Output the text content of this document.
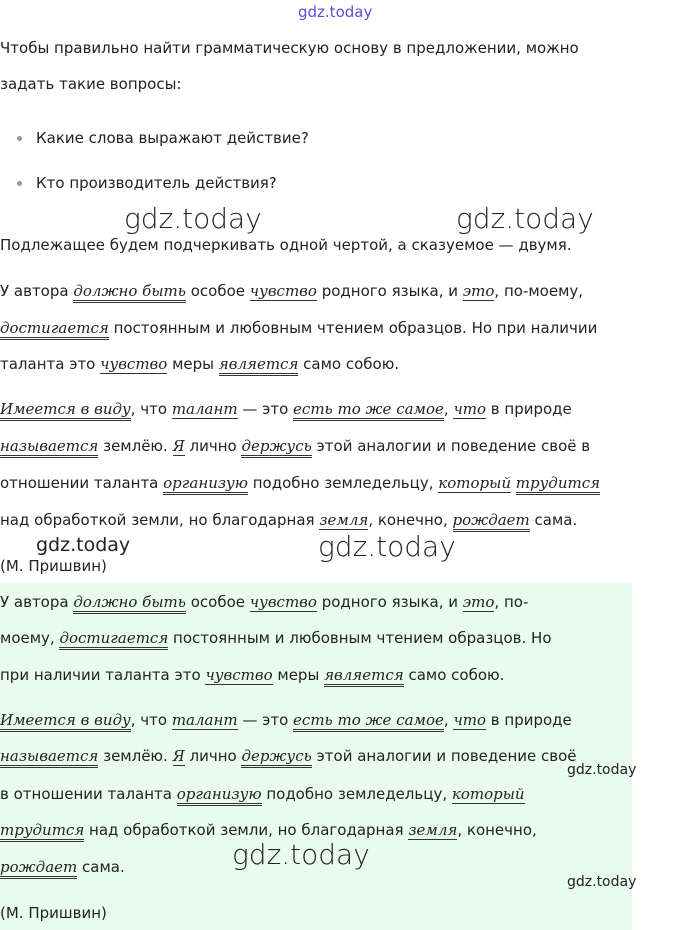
gdz.today
gdz.today	gdz.today
gdz.today	gdz.today
Чтобы правильно найти грамматическую основу в предложении, можно
задать такие вопросы:
Какие слова выражают действие?
Кто производитель действия?
Подлежащее будем подчеркивать одной чертой, а сказуемое — двумя.
У автора должно быть особое чувство родного языка, и это, по-моему,
достигается постоянным и любовным чтением образцов. Но при наличии
таланта это чувство меры является само собою.
Имеется в виду, что талант — это есть то же самое, что в природе
называется землёю. Я лично держусь этой аналогии и поведение своё в
отношении таланта организую подобно земледельцу, который трудится
над обработкой земли, но благодарная земля, конечно, рождает сама.
(М. Пришвин)
У автора должно быть особое чувство родного языка, и это, по-
моему, достигается постоянным и любовным чтением образцов. Но
при наличии таланта это чувство меры является само собою.
Имеется в виду, что талант — это есть то же самое, что в природе
называется землёю. Я лично держусь этой аналогии и поведение своё
в отношении таланта организую подобно земледельцу, который
трудится над обработкой земли, но благодарная земля, конечно,
рождает сама.
(М. Пришвин)
gdz.today
gdz.today
gdz.today
